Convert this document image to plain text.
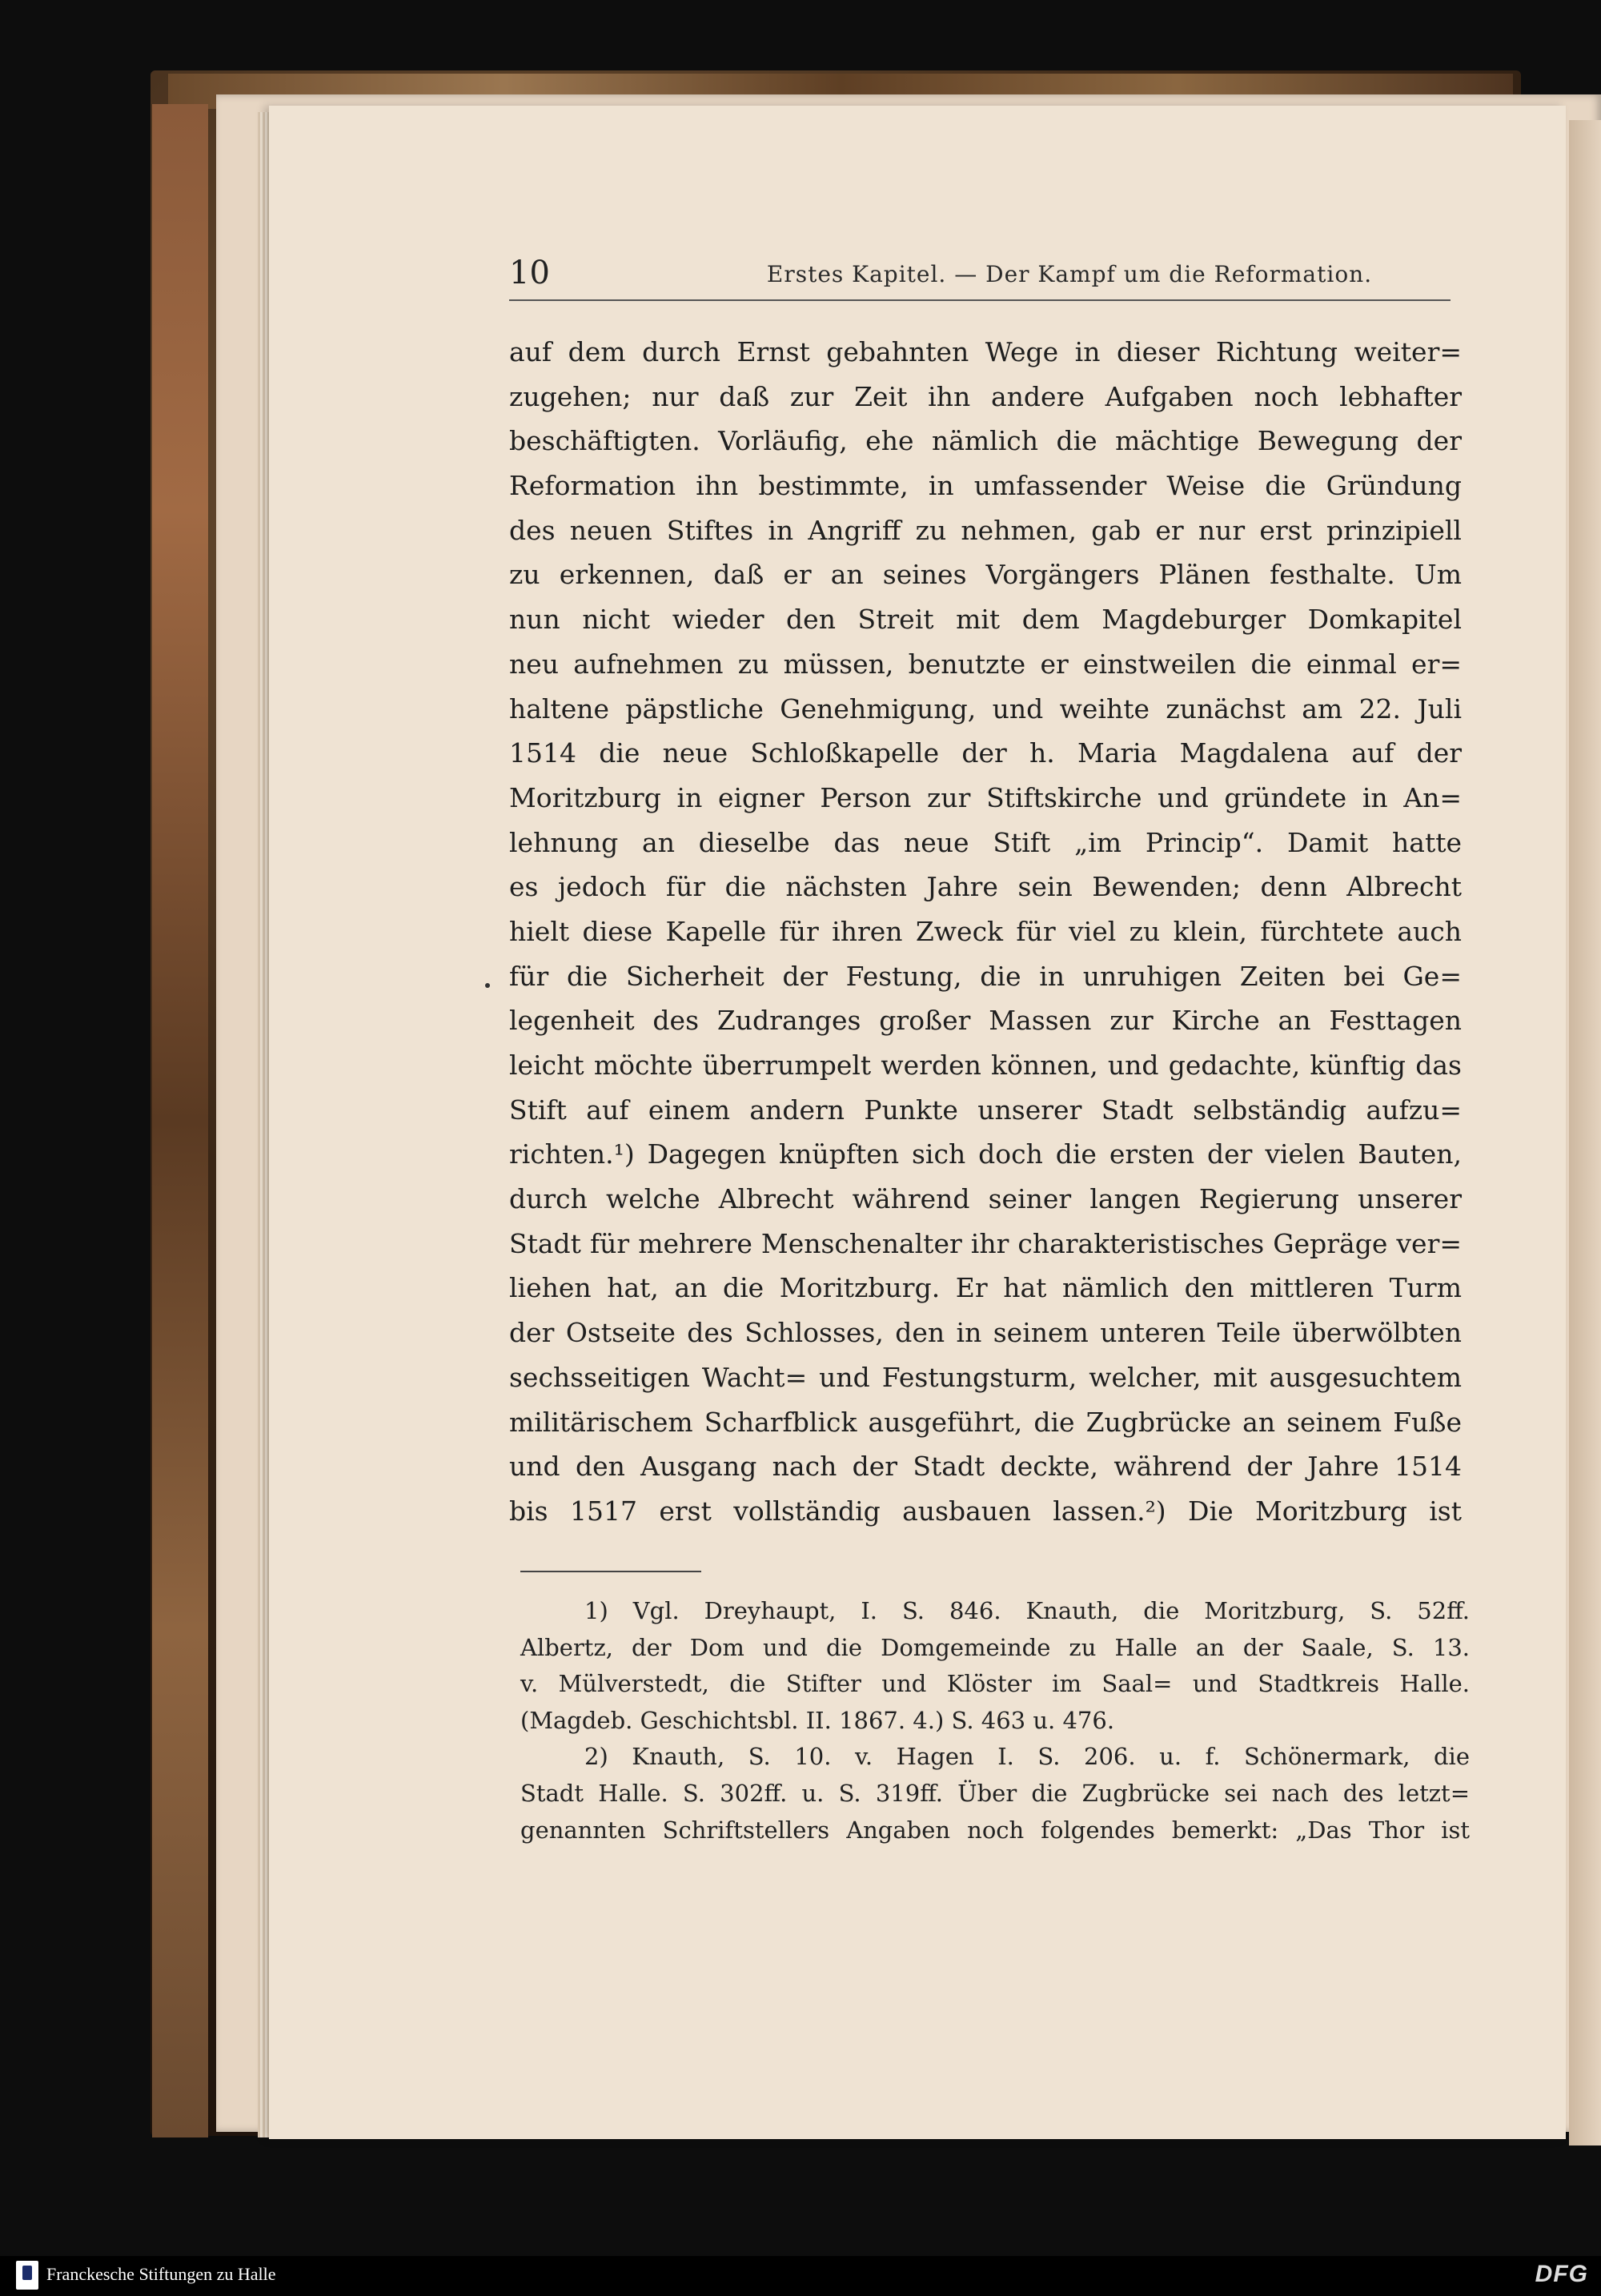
10	Erstes Kapitel. — Der Kampf um die Reformation.
auf dem durch Ernst gebahnten Wege in dieser Richtung weiter=
zugehen; nur daß zur Zeit ihn andere Aufgaben noch lebhafter
beschäftigten. Vorläufig, ehe nämlich die mächtige Bewegung der
Reformation ihn bestimmte, in umfassender Weise die Gründung
des neuen Stiftes in Angriff zu nehmen, gab er nur erst prinzipiell
zu erkennen, daß er an seines Vorgängers Plänen festhalte. Um
nun nicht wieder den Streit mit dem Magdeburger Domkapitel
neu aufnehmen zu müssen, benutzte er einstweilen die einmal er=
haltene päpstliche Genehmigung, und weihte zunächst am 22. Juli
1514 die neue Schloßkapelle der h. Maria Magdalena auf der
Moritzburg in eigner Person zur Stiftskirche und gründete in An=
lehnung an dieselbe das neue Stift „im Princip“. Damit hatte
es jedoch für die nächsten Jahre sein Bewenden; denn Albrecht
hielt diese Kapelle für ihren Zweck für viel zu klein, fürchtete auch
für die Sicherheit der Festung, die in unruhigen Zeiten bei Ge=
legenheit des Zudranges großer Massen zur Kirche an Festtagen
leicht möchte überrumpelt werden können, und gedachte, künftig das
Stift auf einem andern Punkte unserer Stadt selbständig aufzu=
richten.¹) Dagegen knüpften sich doch die ersten der vielen Bauten,
durch welche Albrecht während seiner langen Regierung unserer
Stadt für mehrere Menschenalter ihr charakteristisches Gepräge ver=
liehen hat, an die Moritzburg. Er hat nämlich den mittleren Turm
der Ostseite des Schlosses, den in seinem unteren Teile überwölbten
sechsseitigen Wacht= und Festungsturm, welcher, mit ausgesuchtem
militärischem Scharfblick ausgeführt, die Zugbrücke an seinem Fuße
und den Ausgang nach der Stadt deckte, während der Jahre 1514
bis 1517 erst vollständig ausbauen lassen.²) Die Moritzburg ist
1) Vgl. Dreyhaupt, I. S. 846. Knauth, die Moritzburg, S. 52ff.
Albertz, der Dom und die Domgemeinde zu Halle an der Saale, S. 13.
v. Mülverstedt, die Stifter und Klöster im Saal= und Stadtkreis Halle.
(Magdeb. Geschichtsbl. II. 1867. 4.) S. 463 u. 476.
2) Knauth, S. 10. v. Hagen I. S. 206. u. f. Schönermark, die
Stadt Halle. S. 302ff. u. S. 319ff. Über die Zugbrücke sei nach des letzt=
genannten Schriftstellers Angaben noch folgendes bemerkt: „Das Thor ist
Franckesche Stiftungen zu Halle	DFG
